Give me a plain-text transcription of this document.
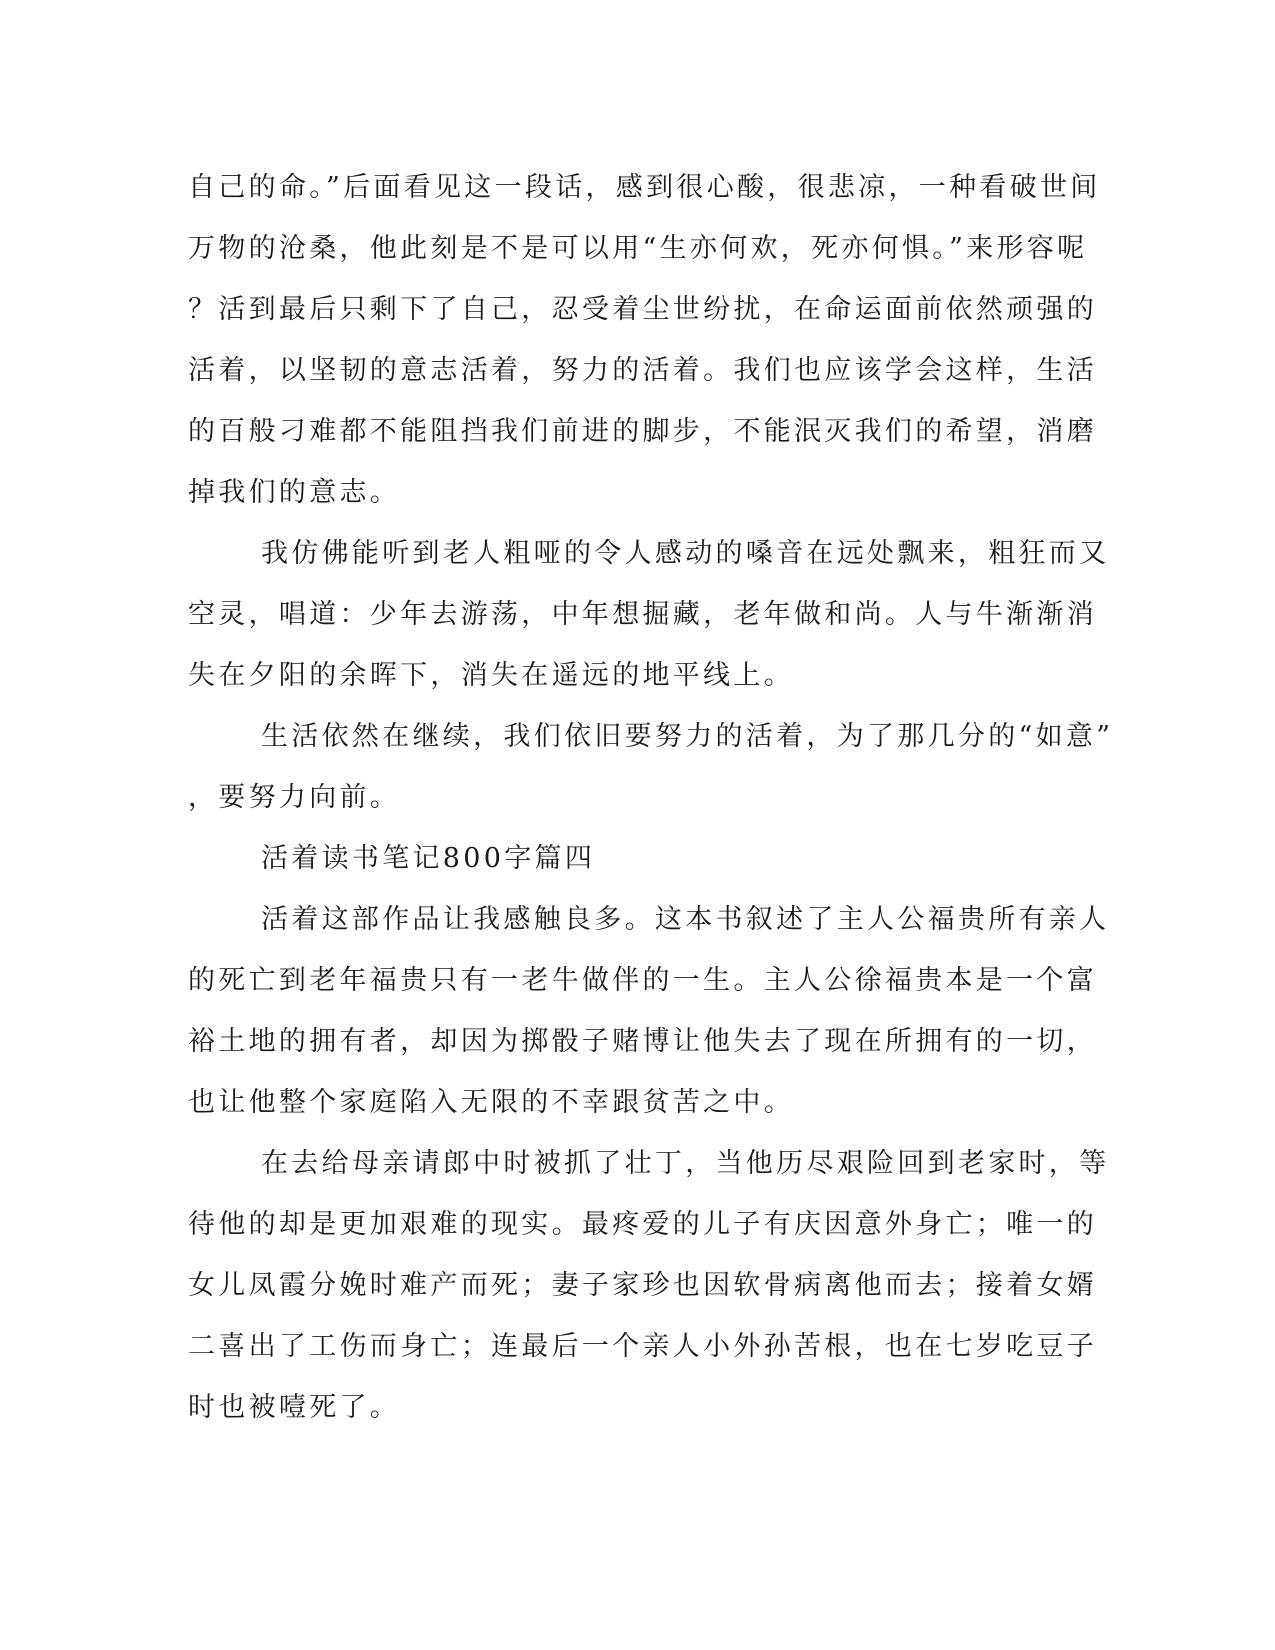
自己的命。”后面看见这一段话，感到很心酸，很悲凉，一种看破世间
万物的沧桑，他此刻是不是可以用“生亦何欢，死亦何惧。”来形容呢
？活到最后只剩下了自己，忍受着尘世纷扰，在命运面前依然顽强的
活着，以坚韧的意志活着，努力的活着。我们也应该学会这样，生活
的百般刁难都不能阻挡我们前进的脚步，不能泯灭我们的希望，消磨
掉我们的意志。

我仿佛能听到老人粗哑的令人感动的嗓音在远处飘来，粗狂而又
空灵，唱道：少年去游荡，中年想掘藏，老年做和尚。人与牛渐渐消
失在夕阳的余晖下，消失在遥远的地平线上。

生活依然在继续，我们依旧要努力的活着，为了那几分的“如意”
，要努力向前。

活着读书笔记800字篇四

活着这部作品让我感触良多。这本书叙述了主人公福贵所有亲人
的死亡到老年福贵只有一老牛做伴的一生。主人公徐福贵本是一个富
裕土地的拥有者，却因为掷骰子赌博让他失去了现在所拥有的一切，
也让他整个家庭陷入无限的不幸跟贫苦之中。

在去给母亲请郎中时被抓了壮丁，当他历尽艰险回到老家时，等
待他的却是更加艰难的现实。最疼爱的儿子有庆因意外身亡；唯一的
女儿凤霞分娩时难产而死；妻子家珍也因软骨病离他而去；接着女婿
二喜出了工伤而身亡；连最后一个亲人小外孙苦根，也在七岁吃豆子
时也被噎死了。
